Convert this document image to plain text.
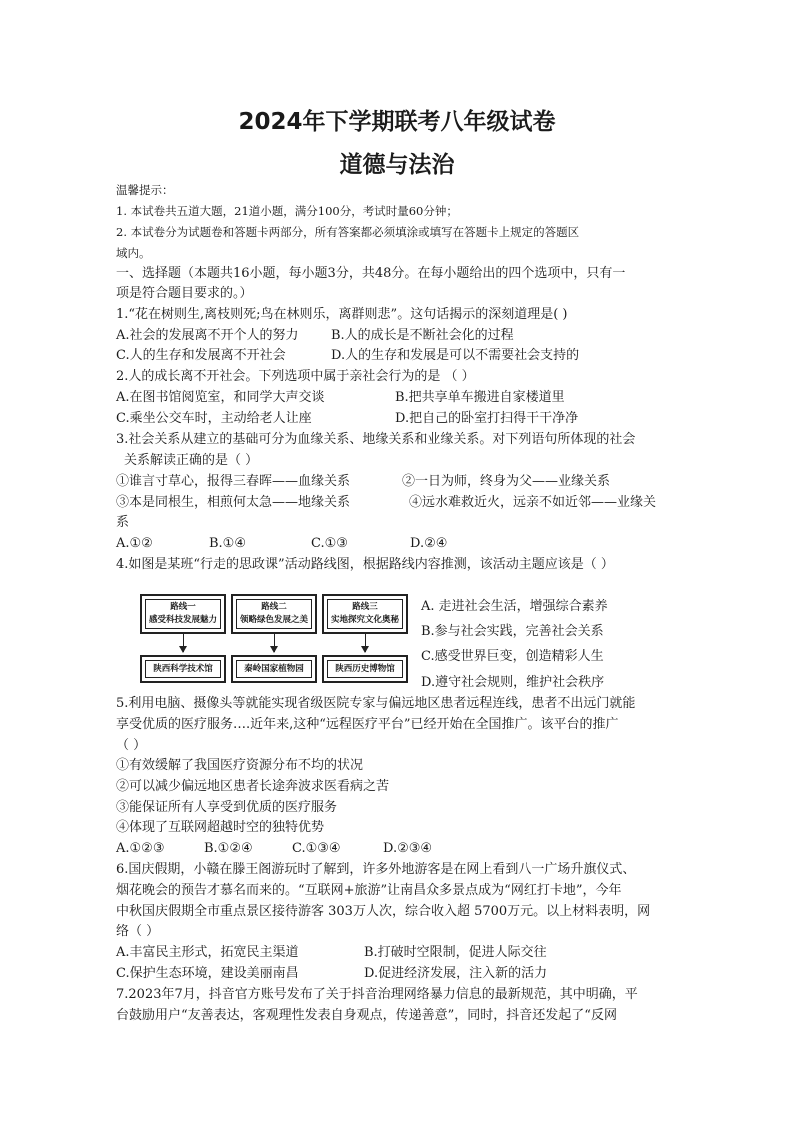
2024年下学期联考八年级试卷
道德与法治
温馨提示：
1. 本试卷共五道大题，21道小题，满分100分，考试时量60分钟；
2. 本试卷分为试题卷和答题卡两部分，所有答案都必须填涂或填写在答题卡上规定的答题区
域内。
一、选择题（本题共16小题，每小题3分，共48分。在每小题给出的四个选项中，只有一
项是符合题目要求的。）
1.“花在树则生,离枝则死;鸟在林则乐，离群则悲”。这句话揭示的深刻道理是( )
A.社会的发展离不开个人的努力 B.人的成长是不断社会化的过程
C.人的生存和发展离不开社会	D.人的生存和发展是可以不需要社会支持的
2.人的成长离不开社会。下列选项中属于亲社会行为的是 （ ）
A.在图书馆阅览室，和同学大声交谈	B.把共享单车搬进自家楼道里
C.乘坐公交车时，主动给老人让座	D.把自己的卧室打扫得干干净净
3.社会关系从建立的基础可分为血缘关系、地缘关系和业缘关系。对下列语句所体现的社会
关系解读正确的是（ ）
①谁言寸草心，报得三春晖——血缘关系	②一日为师，终身为父——业缘关系
③本是同根生，相煎何太急——地缘关系	④远水难救近火，远亲不如近邻——业缘关
系
A.①②	B.①④	C.①③	D.②④
4.如图是某班“行走的思政课”活动路线图，根据路线内容推测，该活动主题应该是（ ）
路线一
感受科技发展魅力
路线二
领略绿色发展之美
路线三
实地探究文化奥秘
陕西科学技术馆	秦岭国家植物园	陕西历史博物馆
A. 走进社会生活，增强综合素养
B.参与社会实践，完善社会关系
C.感受世界巨变，创造精彩人生
D.遵守社会规则，维护社会秩序
5.利用电脑、摄像头等就能实现省级医院专家与偏远地区患者远程连线，患者不出远门就能
享受优质的医疗服务….近年来,这种“远程医疗平台”已经开始在全国推广。该平台的推广
（ ）
①有效缓解了我国医疗资源分布不均的状况
②可以减少偏远地区患者长途奔波求医看病之苦
③能保证所有人享受到优质的医疗服务
④体现了互联网超越时空的独特优势
A.①②③	B.①②④	C.①③④	D.②③④
6.国庆假期，小赣在滕王阁游玩时了解到，许多外地游客是在网上看到八一广场升旗仪式、
烟花晚会的预告才慕名而来的。“互联网+旅游”让南昌众多景点成为“网红打卡地”，今年
中秋国庆假期全市重点景区接待游客 303万人次，综合收入超 5700万元。以上材料表明，网
络（ ）
A.丰富民主形式，拓宽民主渠道	B.打破时空限制，促进人际交往
C.保护生态环境，建设美丽南昌	D.促进经济发展，注入新的活力
7.2023年7月，抖音官方账号发布了关于抖音治理网络暴力信息的最新规范，其中明确，平
台鼓励用户“友善表达，客观理性发表自身观点，传递善意”，同时，抖音还发起了“反网
